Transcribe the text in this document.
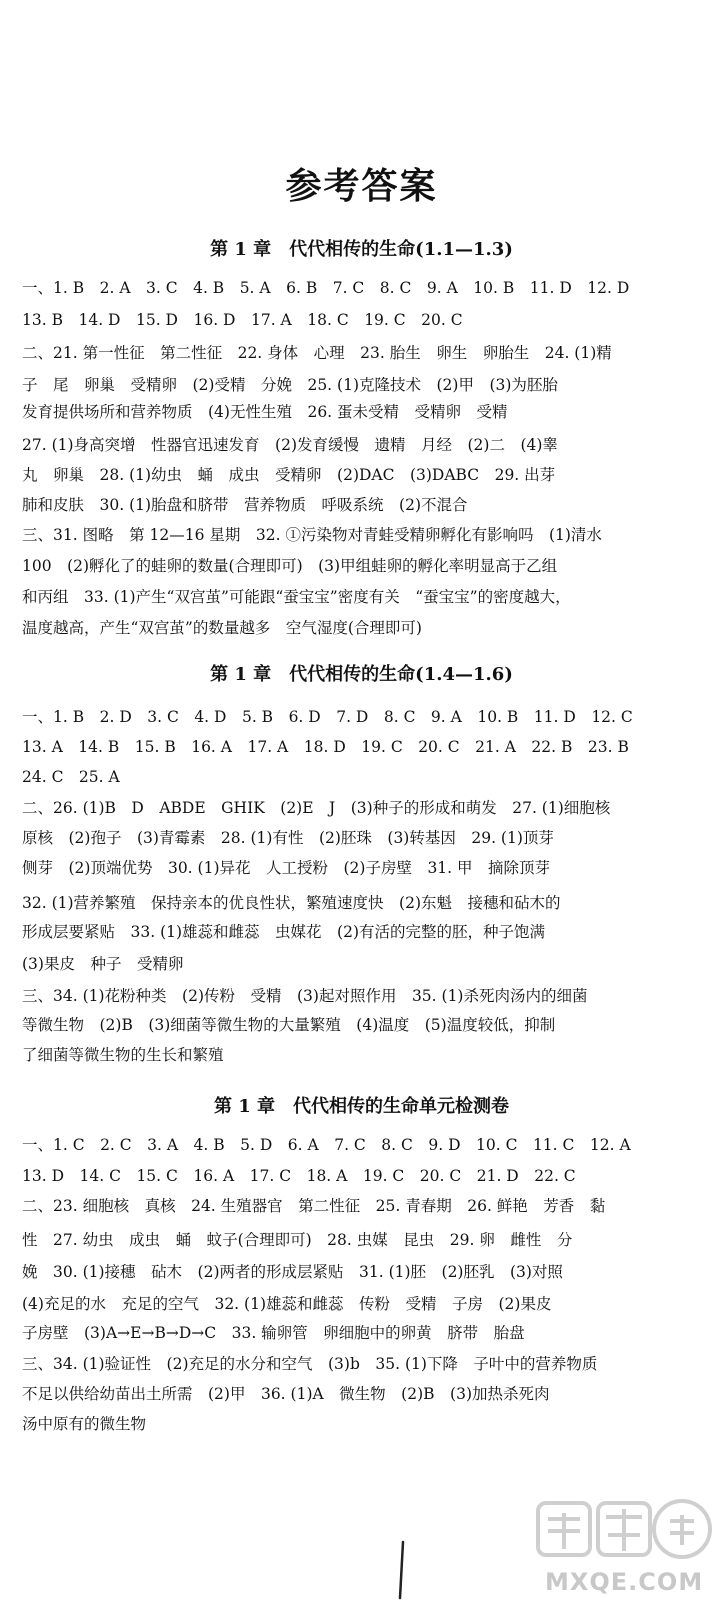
参考答案
第 1 章　代代相传的生命(1.1—1.3)
一、1. B　2. A　3. C　4. B　5. A　6. B　7. C　8. C　9. A　10. B　11. D　12. D
13. B　14. D　15. D　16. D　17. A　18. C　19. C　20. C
二、21. 第一性征　第二性征　22. 身体　心理　23. 胎生　卵生　卵胎生　24. (1)精
子　尾　卵巢　受精卵　(2)受精　分娩　25. (1)克隆技术　(2)甲　(3)为胚胎
发育提供场所和营养物质　(4)无性生殖　26. 蛋未受精　受精卵　受精
27. (1)身高突增　性器官迅速发育　(2)发育缓慢　遗精　月经　(2)二　(4)睾
丸　卵巢　28. (1)幼虫　蛹　成虫　受精卵　(2)DAC　(3)DABC　29. 出芽
肺和皮肤　30. (1)胎盘和脐带　营养物质　呼吸系统　(2)不混合
三、31. 图略　第 12—16 星期　32. ①污染物对青蛙受精卵孵化有影响吗　(1)清水
100　(2)孵化了的蛙卵的数量(合理即可)　(3)甲组蛙卵的孵化率明显高于乙组
和丙组　33. (1)产生“双宫茧”可能跟“蚕宝宝”密度有关　“蚕宝宝”的密度越大，
温度越高，产生“双宫茧”的数量越多　空气湿度(合理即可)
第 1 章　代代相传的生命(1.4—1.6)
一、1. B　2. D　3. C　4. D　5. B　6. D　7. D　8. C　9. A　10. B　11. D　12. C
13. A　14. B　15. B　16. A　17. A　18. D　19. C　20. C　21. A　22. B　23. B
24. C　25. A
二、26. (1)B　D　ABDE　GHIK　(2)E　J　(3)种子的形成和萌发　27. (1)细胞核
原核　(2)孢子　(3)青霉素　28. (1)有性　(2)胚珠　(3)转基因　29. (1)顶芽
侧芽　(2)顶端优势　30. (1)异花　人工授粉　(2)子房壁　31. 甲　摘除顶芽
32. (1)营养繁殖　保持亲本的优良性状，繁殖速度快　(2)东魁　接穗和砧木的
形成层要紧贴　33. (1)雄蕊和雌蕊　虫媒花　(2)有活的完整的胚，种子饱满
(3)果皮　种子　受精卵
三、34. (1)花粉种类　(2)传粉　受精　(3)起对照作用　35. (1)杀死肉汤内的细菌
等微生物　(2)B　(3)细菌等微生物的大量繁殖　(4)温度　(5)温度较低，抑制
了细菌等微生物的生长和繁殖
第 1 章　代代相传的生命单元检测卷
一、1. C　2. C　3. A　4. B　5. D　6. A　7. C　8. C　9. D　10. C　11. C　12. A
13. D　14. C　15. C　16. A　17. C　18. A　19. C　20. C　21. D　22. C
二、23. 细胞核　真核　24. 生殖器官　第二性征　25. 青春期　26. 鲜艳　芳香　黏
性　27. 幼虫　成虫　蛹　蚊子(合理即可)　28. 虫媒　昆虫　29. 卵　雌性　分
娩　30. (1)接穗　砧木　(2)两者的形成层紧贴　31. (1)胚　(2)胚乳　(3)对照
(4)充足的水　充足的空气　32. (1)雄蕊和雌蕊　传粉　受精　子房　(2)果皮
子房壁　(3)A→E→B→D→C　33. 输卵管　卵细胞中的卵黄　脐带　胎盘
三、34. (1)验证性　(2)充足的水分和空气　(3)b　35. (1)下降　子叶中的营养物质
不足以供给幼苗出土所需　(2)甲　36. (1)A　微生物　(2)B　(3)加热杀死肉
汤中原有的微生物
MXQE.COM
